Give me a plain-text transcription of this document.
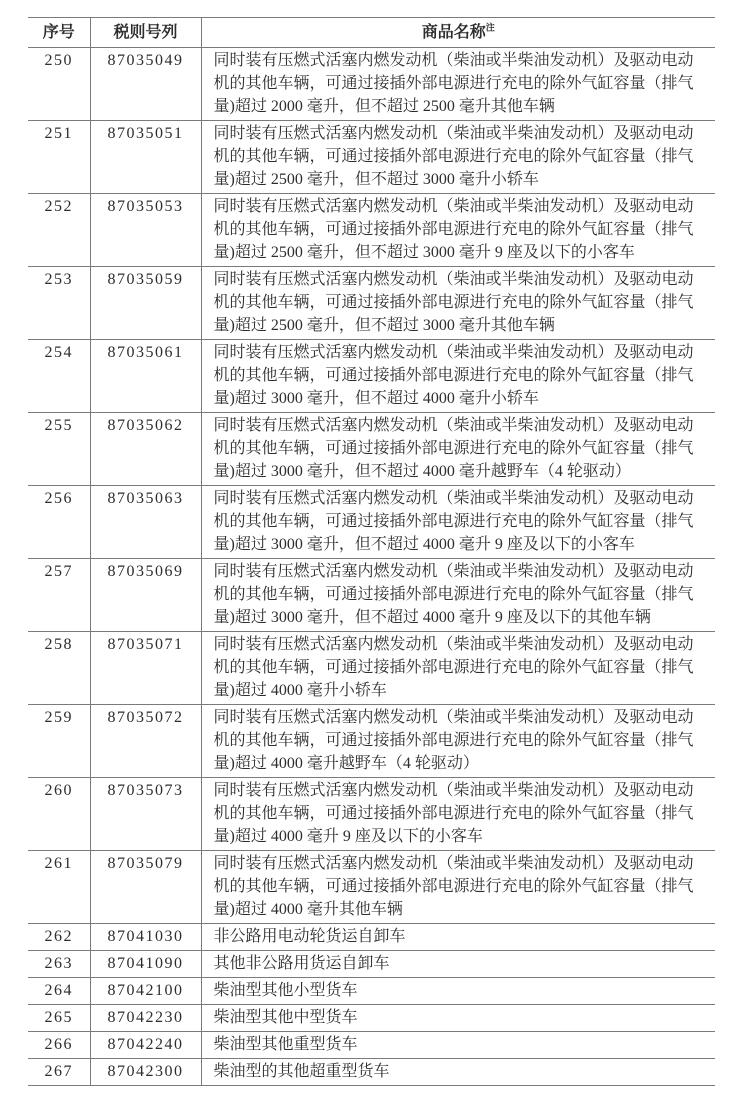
序号	税则号列	商品名称$^注$
250	87035049	同时装有压燃式活塞内燃发动机（柴油或半柴油发动机）及驱动电动机的其他车辆，可通过接插外部电源进行充电的除外气缸容量（排气量)超过 2000 毫升，但不超过 2500 毫升其他车辆
251	87035051	同时装有压燃式活塞内燃发动机（柴油或半柴油发动机）及驱动电动机的其他车辆，可通过接插外部电源进行充电的除外气缸容量（排气量)超过 2500 毫升，但不超过 3000 毫升小轿车
252	87035053	同时装有压燃式活塞内燃发动机（柴油或半柴油发动机）及驱动电动机的其他车辆，可通过接插外部电源进行充电的除外气缸容量（排气量)超过 2500 毫升，但不超过 3000 毫升 9 座及以下的小客车
253	87035059	同时装有压燃式活塞内燃发动机（柴油或半柴油发动机）及驱动电动机的其他车辆，可通过接插外部电源进行充电的除外气缸容量（排气量)超过 2500 毫升，但不超过 3000 毫升其他车辆
254	87035061	同时装有压燃式活塞内燃发动机（柴油或半柴油发动机）及驱动电动机的其他车辆，可通过接插外部电源进行充电的除外气缸容量（排气量)超过 3000 毫升，但不超过 4000 毫升小轿车
255	87035062	同时装有压燃式活塞内燃发动机（柴油或半柴油发动机）及驱动电动机的其他车辆，可通过接插外部电源进行充电的除外气缸容量（排气量)超过 3000 毫升，但不超过 4000 毫升越野车（4 轮驱动）
256	87035063	同时装有压燃式活塞内燃发动机（柴油或半柴油发动机）及驱动电动机的其他车辆，可通过接插外部电源进行充电的除外气缸容量（排气量)超过 3000 毫升，但不超过 4000 毫升 9 座及以下的小客车
257	87035069	同时装有压燃式活塞内燃发动机（柴油或半柴油发动机）及驱动电动机的其他车辆，可通过接插外部电源进行充电的除外气缸容量（排气量)超过 3000 毫升，但不超过 4000 毫升 9 座及以下的其他车辆
258	87035071	同时装有压燃式活塞内燃发动机（柴油或半柴油发动机）及驱动电动机的其他车辆，可通过接插外部电源进行充电的除外气缸容量（排气量)超过 4000 毫升小轿车
259	87035072	同时装有压燃式活塞内燃发动机（柴油或半柴油发动机）及驱动电动机的其他车辆，可通过接插外部电源进行充电的除外气缸容量（排气量)超过 4000 毫升越野车（4 轮驱动）
260	87035073	同时装有压燃式活塞内燃发动机（柴油或半柴油发动机）及驱动电动机的其他车辆，可通过接插外部电源进行充电的除外气缸容量（排气量)超过 4000 毫升 9 座及以下的小客车
261	87035079	同时装有压燃式活塞内燃发动机（柴油或半柴油发动机）及驱动电动机的其他车辆，可通过接插外部电源进行充电的除外气缸容量（排气量)超过 4000 毫升其他车辆
262	87041030	非公路用电动轮货运自卸车
263	87041090	其他非公路用货运自卸车
264	87042100	柴油型其他小型货车
265	87042230	柴油型其他中型货车
266	87042240	柴油型其他重型货车
267	87042300	柴油型的其他超重型货车
